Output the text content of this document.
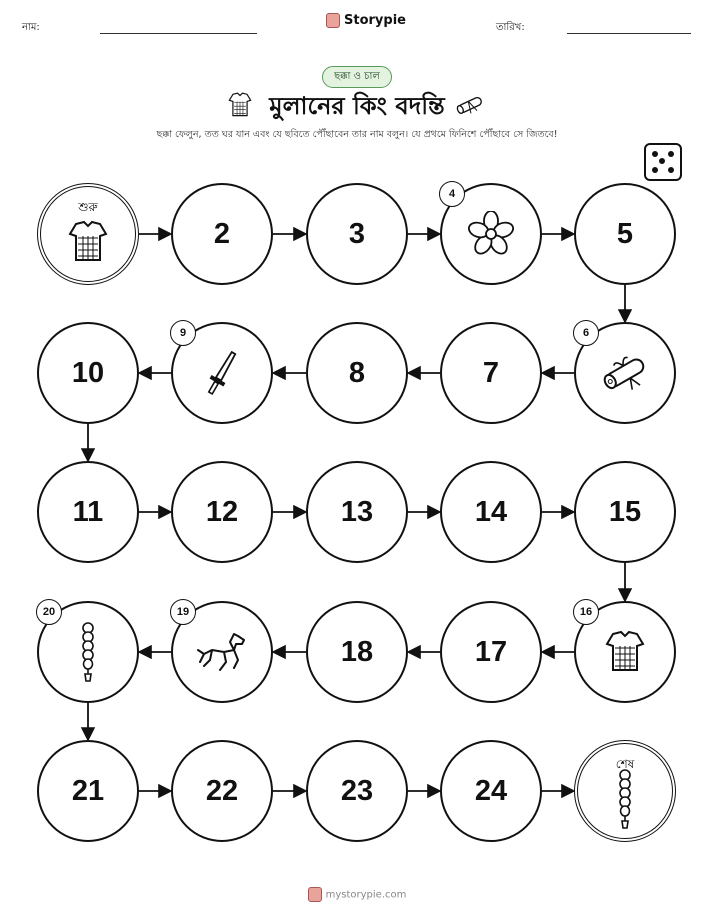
নাম:	Storypie	তারিখ:
ছক্কা ও চাল
মুলানের কিং বদন্তি
ছক্কা ফেলুন, তত ঘর যান এবং যে ছবিতে পৌঁছাবেন তার নাম বলুন। যে প্রথমে ফিনিশে পৌঁছাবে সে জিতবে!
শুরু
2	3
4
5
6
7
8
9
10
11	12	13	14	15
16
17
18
19
20
21	22	23	24
শেষ
mystorypie.com
